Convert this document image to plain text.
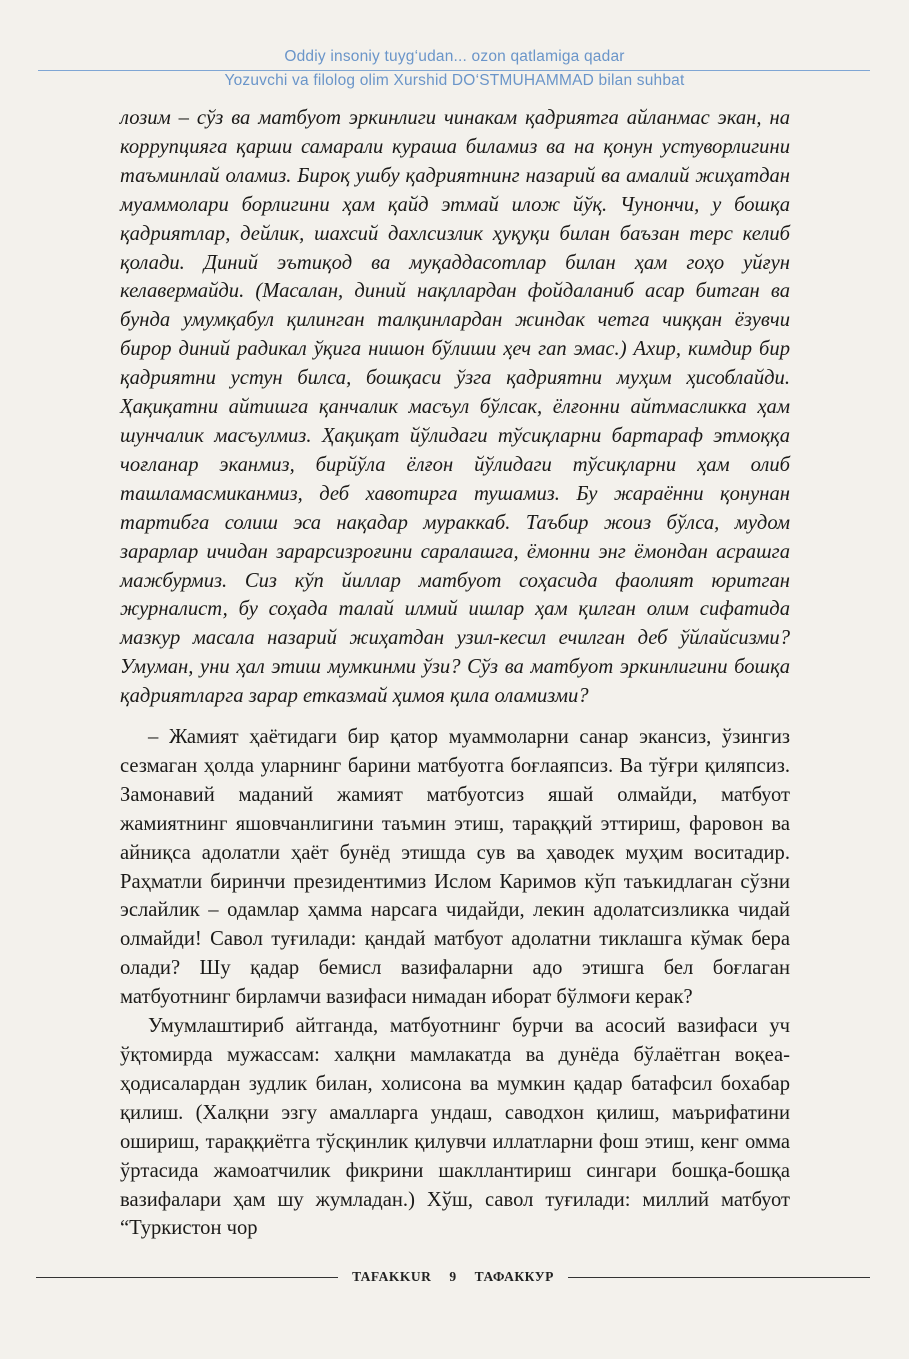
Oddiy insoniy tuyg‘udan... ozon qatlamiga qadar
Yozuvchi va filolog olim Xurshid DO‘STMUHAMMAD bilan suhbat

лозим – сўз ва матбуот эркинлиги чинакам қадриятга айланмас экан, на коррупцияга қарши самарали кураша биламиз ва на қонун устуворлигини таъминлай оламиз. Бироқ ушбу қадриятнинг назарий ва амалий жиҳатдан муаммолари борлигини ҳам қайд этмай илож йўқ. Чунончи, у бошқа қадриятлар, дейлик, шахсий дахлсизлик ҳуқуқи билан баъзан терс келиб қолади. Диний эътиқод ва муқаддасотлар билан ҳам гоҳо уйғун келавермайди. (Масалан, диний нақллардан фойдаланиб асар битган ва бунда умумқабул қилинган талқинлардан жиндак четга чиққан ёзувчи бирор диний радикал ўқига нишон бўлиши ҳеч гап эмас.) Ахир, кимдир бир қадриятни устун билса, бошқаси ўзга қадриятни муҳим ҳисоблайди. Ҳақиқатни айтишга қанчалик масъул бўлсак, ёлғонни айтмасликка ҳам шунчалик масъулмиз. Ҳақиқат йўлидаги тўсиқларни бартараф этмоққа чоғланар эканмиз, бирйўла ёлғон йўлидаги тўсиқларни ҳам олиб ташламасмиканмиз, деб хавотирга тушамиз. Бу жараённи қонунан тартибга солиш эса нақадар мураккаб. Таъбир жоиз бўлса, мудом зарарлар ичидан зарарсизроғини саралашга, ёмонни энг ёмондан асрашга мажбурмиз. Сиз кўп йиллар матбуот соҳасида фаолият юритган журналист, бу соҳада талай илмий ишлар ҳам қилган олим сифатида мазкур масала назарий жиҳатдан узил-кесил ечилган деб ўйлайсизми? Умуман, уни ҳал этиш мумкинми ўзи? Сўз ва матбуот эркинлигини бошқа қадриятларга зарар етказмай ҳимоя қила оламизми?

– Жамият ҳаётидаги бир қатор муаммоларни санар экансиз, ўзингиз сезмаган ҳолда уларнинг барини матбуотга боғлаяпсиз. Ва тўғри қиляпсиз. Замонавий маданий жамият матбуотсиз яшай олмайди, матбуот жамиятнинг яшовчанлигини таъмин этиш, тараққий эттириш, фаровон ва айниқса адолатли ҳаёт бунёд этишда сув ва ҳаводек муҳим воситадир. Раҳматли биринчи президентимиз Ислом Каримов кўп таъкидлаган сўзни эслайлик – одамлар ҳамма нарсага чидайди, лекин адолатсизликка чидай олмайди! Савол туғилади: қандай матбуот адолатни тиклашга кўмак бера олади? Шу қадар бемисл вазифаларни адо этишга бел боғлаган матбуотнинг бирламчи вазифаси нимадан иборат бўлмоғи керак?

Умумлаштириб айтганда, матбуотнинг бурчи ва асосий вазифаси уч ўқтомирда мужассам: халқни мамлакатда ва дунёда бўлаётган воқеа-ҳодисалардан зудлик билан, холисона ва мумкин қадар батафсил бохабар қилиш. (Халқни эзгу амалларга ундаш, саводхон қилиш, маърифатини ошириш, тараққиётга тўсқинлик қилувчи иллатларни фош этиш, кенг омма ўртасида жамоатчилик фикрини шакллантириш сингари бошқа-бошқа вазифалари ҳам шу жумладан.) Хўш, савол туғилади: миллий матбуот “Туркистон чор

TAFAKKUR 9 ТАФАККУР
